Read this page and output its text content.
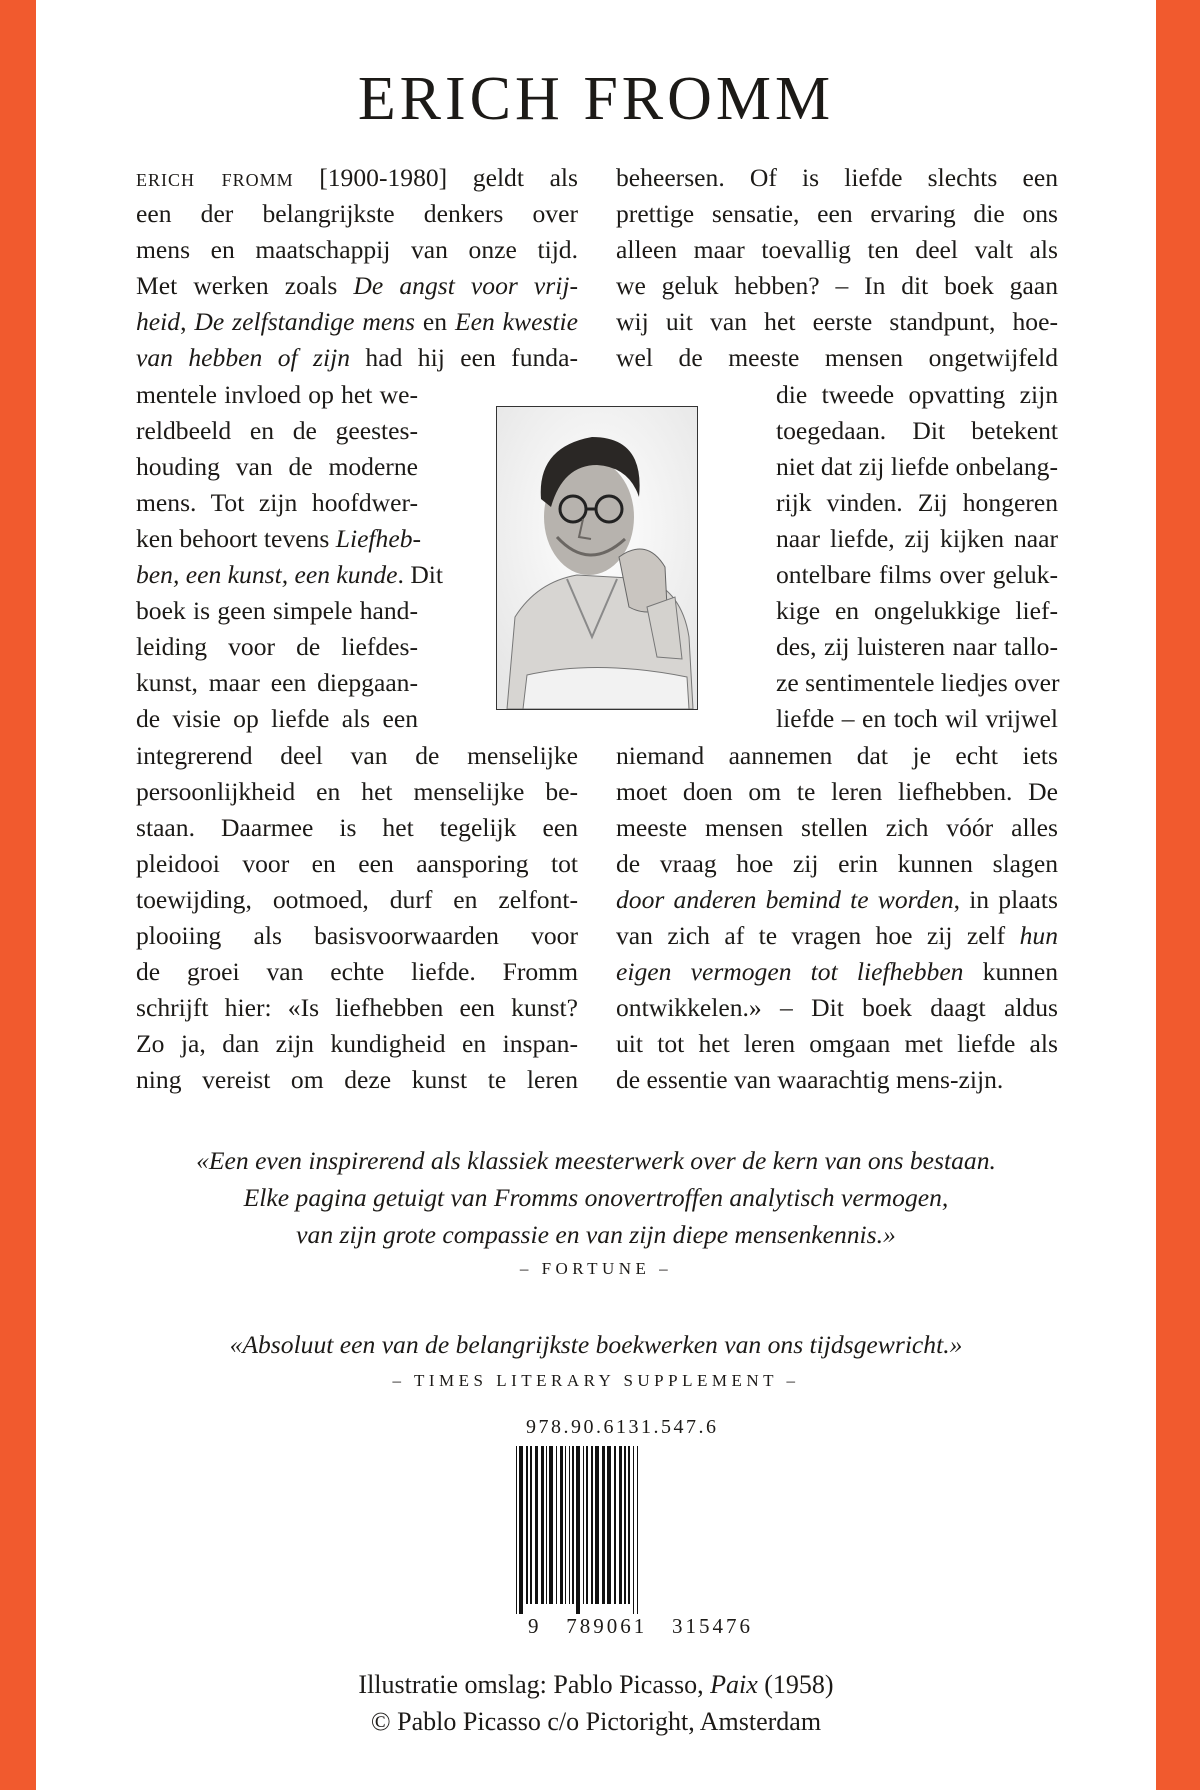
ERICH FROMM
erich fromm [1900-1980] geldt als
een der belangrijkste denkers over
mens en maatschappij van onze tijd.
Met werken zoals De angst voor vrij-
heid, De zelfstandige mens en Een kwestie
van hebben of zijn had hij een funda-
mentele invloed op het we-
reldbeeld en de geestes-
houding van de moderne
mens. Tot zijn hoofdwer-
ken behoort tevens Liefheb-
ben, een kunst, een kunde. Dit
boek is geen simpele hand-
leiding voor de liefdes-
kunst, maar een diepgaan-
de visie op liefde als een
integrerend deel van de menselijke
persoonlijkheid en het menselijke be-
staan. Daarmee is het tegelijk een
pleidooi voor en een aansporing tot
toewijding, ootmoed, durf en zelfont-
plooiing als basisvoorwaarden voor
de groei van echte liefde. Fromm
schrijft hier: «Is liefhebben een kunst?
Zo ja, dan zijn kundigheid en inspan-
ning vereist om deze kunst te leren
beheersen. Of is liefde slechts een
prettige sensatie, een ervaring die ons
alleen maar toevallig ten deel valt als
we geluk hebben? – In dit boek gaan
wij uit van het eerste standpunt, hoe-
wel de meeste mensen ongetwijfeld
die tweede opvatting zijn
toegedaan. Dit betekent
niet dat zij liefde onbelang-
rijk vinden. Zij hongeren
naar liefde, zij kijken naar
ontelbare films over geluk-
kige en ongelukkige lief-
des, zij luisteren naar tallo-
ze sentimentele liedjes over
liefde – en toch wil vrijwel
niemand aannemen dat je echt iets
moet doen om te leren liefhebben. De
meeste mensen stellen zich vóór alles
de vraag hoe zij erin kunnen slagen
door anderen bemind te worden, in plaats
van zich af te vragen hoe zij zelf hun
eigen vermogen tot liefhebben kunnen
ontwikkelen.» – Dit boek daagt aldus
uit tot het leren omgaan met liefde als
de essentie van waarachtig mens-zijn.
«Een even inspirerend als klassiek meesterwerk over de kern van ons bestaan.
Elke pagina getuigt van Fromms onovertroffen analytisch vermogen,
van zijn grote compassie en van zijn diepe mensenkennis.»
– FORTUNE –
«Absoluut een van de belangrijkste boekwerken van ons tijdsgewricht.»
– TIMES LITERARY SUPPLEMENT –
978.90.6131.547.6
9   789061   315476
Illustratie omslag: Pablo Picasso, Paix (1958)
© Pablo Picasso c/o Pictoright, Amsterdam
